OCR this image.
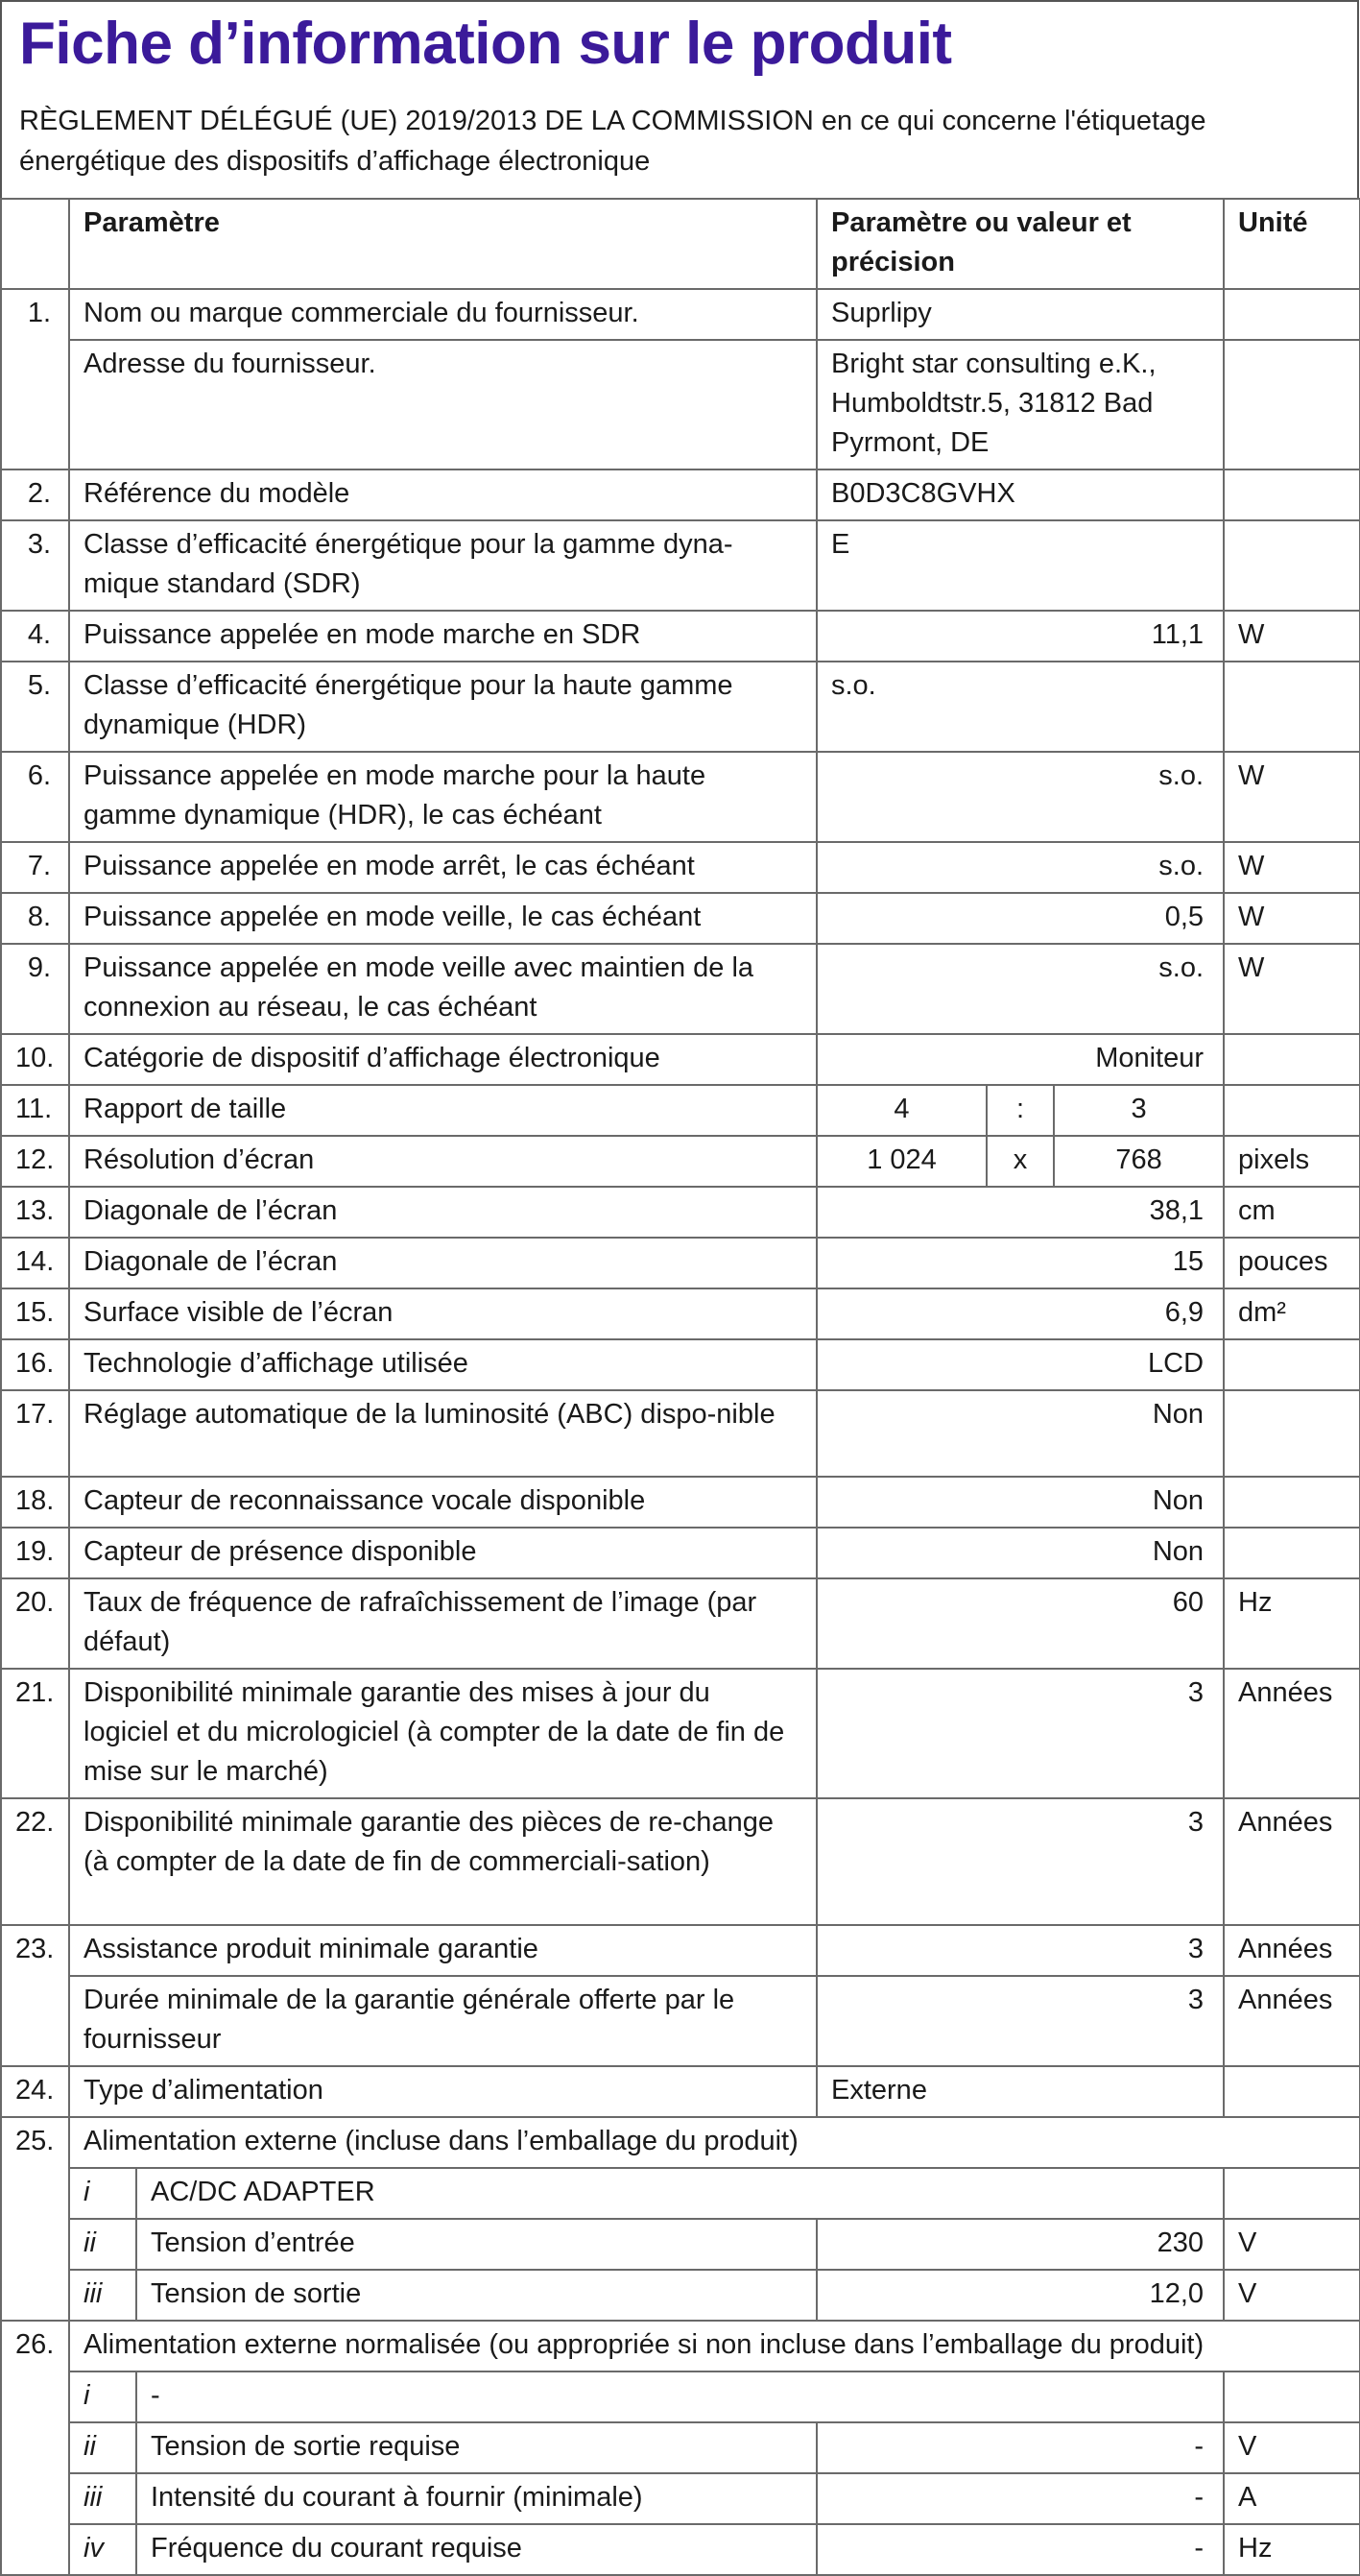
Fiche d’information sur le produit

RÈGLEMENT DÉLÉGUÉ (UE) 2019/2013 DE LA COMMISSION en ce qui concerne l'étiquetage énergétique des dispositifs d’affichage électronique

	Paramètre		Paramètre ou valeur et précision			Unité
1.	Nom ou marque commerciale du fournisseur.		Suprlipy			
	Adresse du fournisseur.		Bright star consulting e.K., Humboldtstr.5, 31812 Bad Pyrmont, DE			
2.	Référence du modèle		B0D3C8GVHX			
3.	Classe d’efficacité énergétique pour la gamme dyna-mique standard (SDR)		E			
4.	Puissance appelée en mode marche en SDR		11,1			W
5.	Classe d’efficacité énergétique pour la haute gamme dynamique (HDR)		s.o.			
6.	Puissance appelée en mode marche pour la haute gamme dynamique (HDR), le cas échéant		s.o.			W
7.	Puissance appelée en mode arrêt, le cas échéant		s.o.			W
8.	Puissance appelée en mode veille, le cas échéant		0,5			W
9.	Puissance appelée en mode veille avec maintien de la connexion au réseau, le cas échéant		s.o.			W
10.	Catégorie de dispositif d’affichage électronique		Moniteur			
11.	Rapport de taille		4	:	3	
12.	Résolution d’écran		1 024	x	768	pixels
13.	Diagonale de l’écran		38,1			cm
14.	Diagonale de l’écran		15			pouces
15.	Surface visible de l’écran		6,9			dm²
16.	Technologie d’affichage utilisée		LCD			
17.	Réglage automatique de la luminosité (ABC) dispo-nible		Non			
18.	Capteur de reconnaissance vocale disponible		Non			
19.	Capteur de présence disponible		Non			
20.	Taux de fréquence de rafraîchissement de l’image (par défaut)		60			Hz
21.	Disponibilité minimale garantie des mises à jour du logiciel et du micrologiciel (à compter de la date de fin de mise sur le marché)		3			Années
22.	Disponibilité minimale garantie des pièces de re-change (à compter de la date de fin de commerciali-sation)		3			Années
23.	Assistance produit minimale garantie		3			Années
	Durée minimale de la garantie générale offerte par le fournisseur		3			Années
24.	Type d’alimentation		Externe			
25.	Alimentation externe (incluse dans l’emballage du produit)					
	i	AC/DC ADAPTER				
	ii	Tension d’entrée	230			V
	iii	Tension de sortie	12,0			V
26.	Alimentation externe normalisée (ou appropriée si non incluse dans l’emballage du produit)					
	i	-				
	ii	Tension de sortie requise	-			V
	iii	Intensité du courant à fournir (minimale)	-			A
	iv	Fréquence du courant requise	-			Hz
